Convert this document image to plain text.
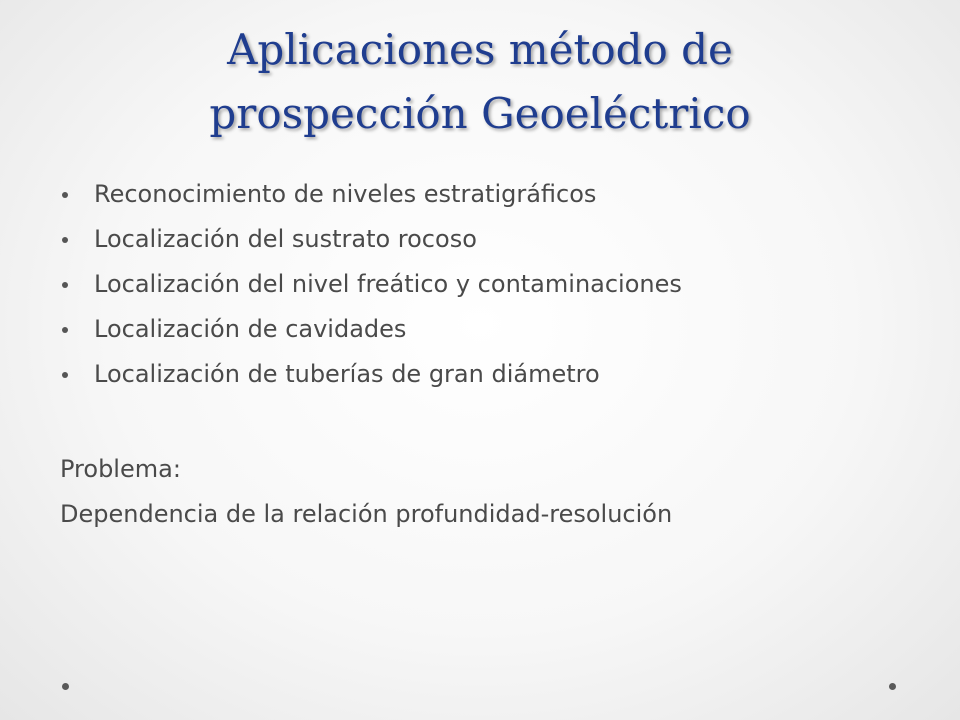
Aplicaciones método de
prospección Geoeléctrico
Reconocimiento de niveles estratigráficos
Localización del sustrato rocoso
Localización del nivel freático y contaminaciones
Localización de cavidades
Localización de tuberías de gran diámetro
Problema:
Dependencia de la relación profundidad-resolución
